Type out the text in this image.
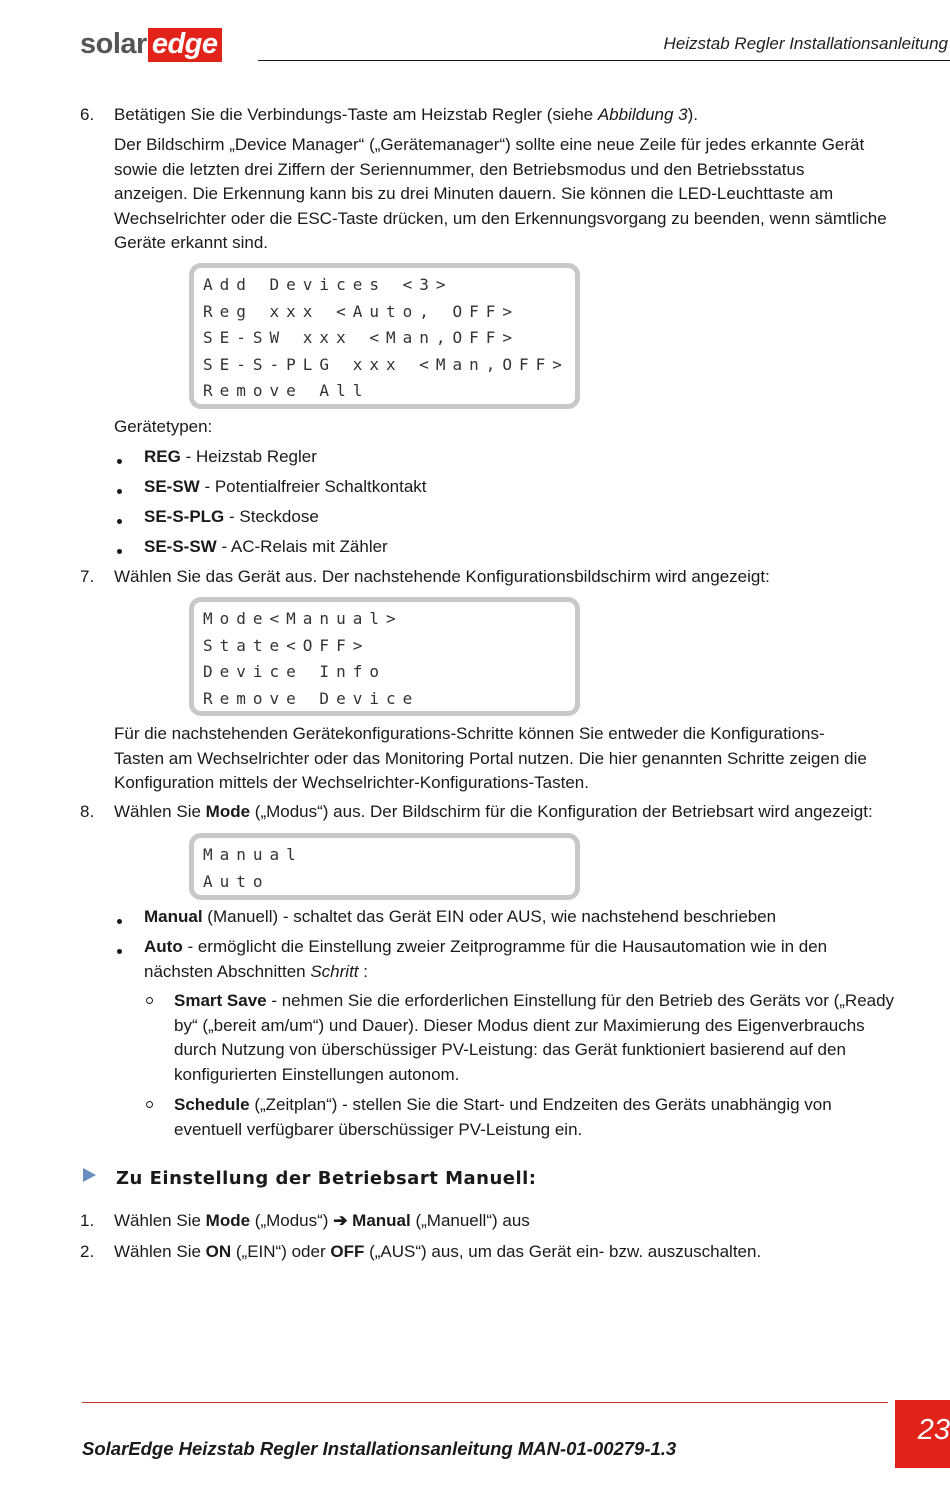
solar edge	Heizstab Regler Installationsanleitung
6. Betätigen Sie die Verbindungs-Taste am Heizstab Regler (siehe Abbildung 3).
Der Bildschirm „Device Manager“ („Gerätemanager“) sollte eine neue Zeile für jedes erkannte Gerät
sowie die letzten drei Ziffern der Seriennummer, den Betriebsmodus und den Betriebsstatus
anzeigen. Die Erkennung kann bis zu drei Minuten dauern. Sie können die LED-Leuchttaste am
Wechselrichter oder die ESC-Taste drücken, um den Erkennungsvorgang zu beenden, wenn sämtliche
Geräte erkannt sind.
Add Devices <3>
Reg xxx <Auto, OFF>
SE-SW xxx <Man,OFF>
SE-S-PLG xxx <Man,OFF>
Remove All
Gerätetypen:
REG - Heizstab Regler
SE-SW - Potentialfreier Schaltkontakt
SE-S-PLG - Steckdose
SE-S-SW - AC-Relais mit Zähler
7. Wählen Sie das Gerät aus. Der nachstehende Konfigurationsbildschirm wird angezeigt:
Mode<Manual>
State<OFF>
Device Info
Remove Device
Für die nachstehenden Gerätekonfigurations-Schritte können Sie entweder die Konfigurations-
Tasten am Wechselrichter oder das Monitoring Portal nutzen. Die hier genannten Schritte zeigen die
Konfiguration mittels der Wechselrichter-Konfigurations-Tasten.
8. Wählen Sie Mode („Modus“) aus. Der Bildschirm für die Konfiguration der Betriebsart wird angezeigt:
Manual
Auto
Manual (Manuell) - schaltet das Gerät EIN oder AUS, wie nachstehend beschrieben
Auto - ermöglicht die Einstellung zweier Zeitprogramme für die Hausautomation wie in den
nächsten Abschnitten Schritt :
Smart Save - nehmen Sie die erforderlichen Einstellung für den Betrieb des Geräts vor („Ready
by“ („bereit am/um“) und Dauer). Dieser Modus dient zur Maximierung des Eigenverbrauchs
durch Nutzung von überschüssiger PV-Leistung: das Gerät funktioniert basierend auf den
konfigurierten Einstellungen autonom.
Schedule („Zeitplan“) - stellen Sie die Start- und Endzeiten des Geräts unabhängig von
eventuell verfügbarer überschüssiger PV-Leistung ein.
Zu Einstellung der Betriebsart Manuell:
1. Wählen Sie Mode („Modus“) ➔ Manual („Manuell“) aus
2. Wählen Sie ON („EIN“) oder OFF („AUS“) aus, um das Gerät ein- bzw. auszuschalten.
SolarEdge Heizstab Regler Installationsanleitung MAN-01-00279-1.3
23
